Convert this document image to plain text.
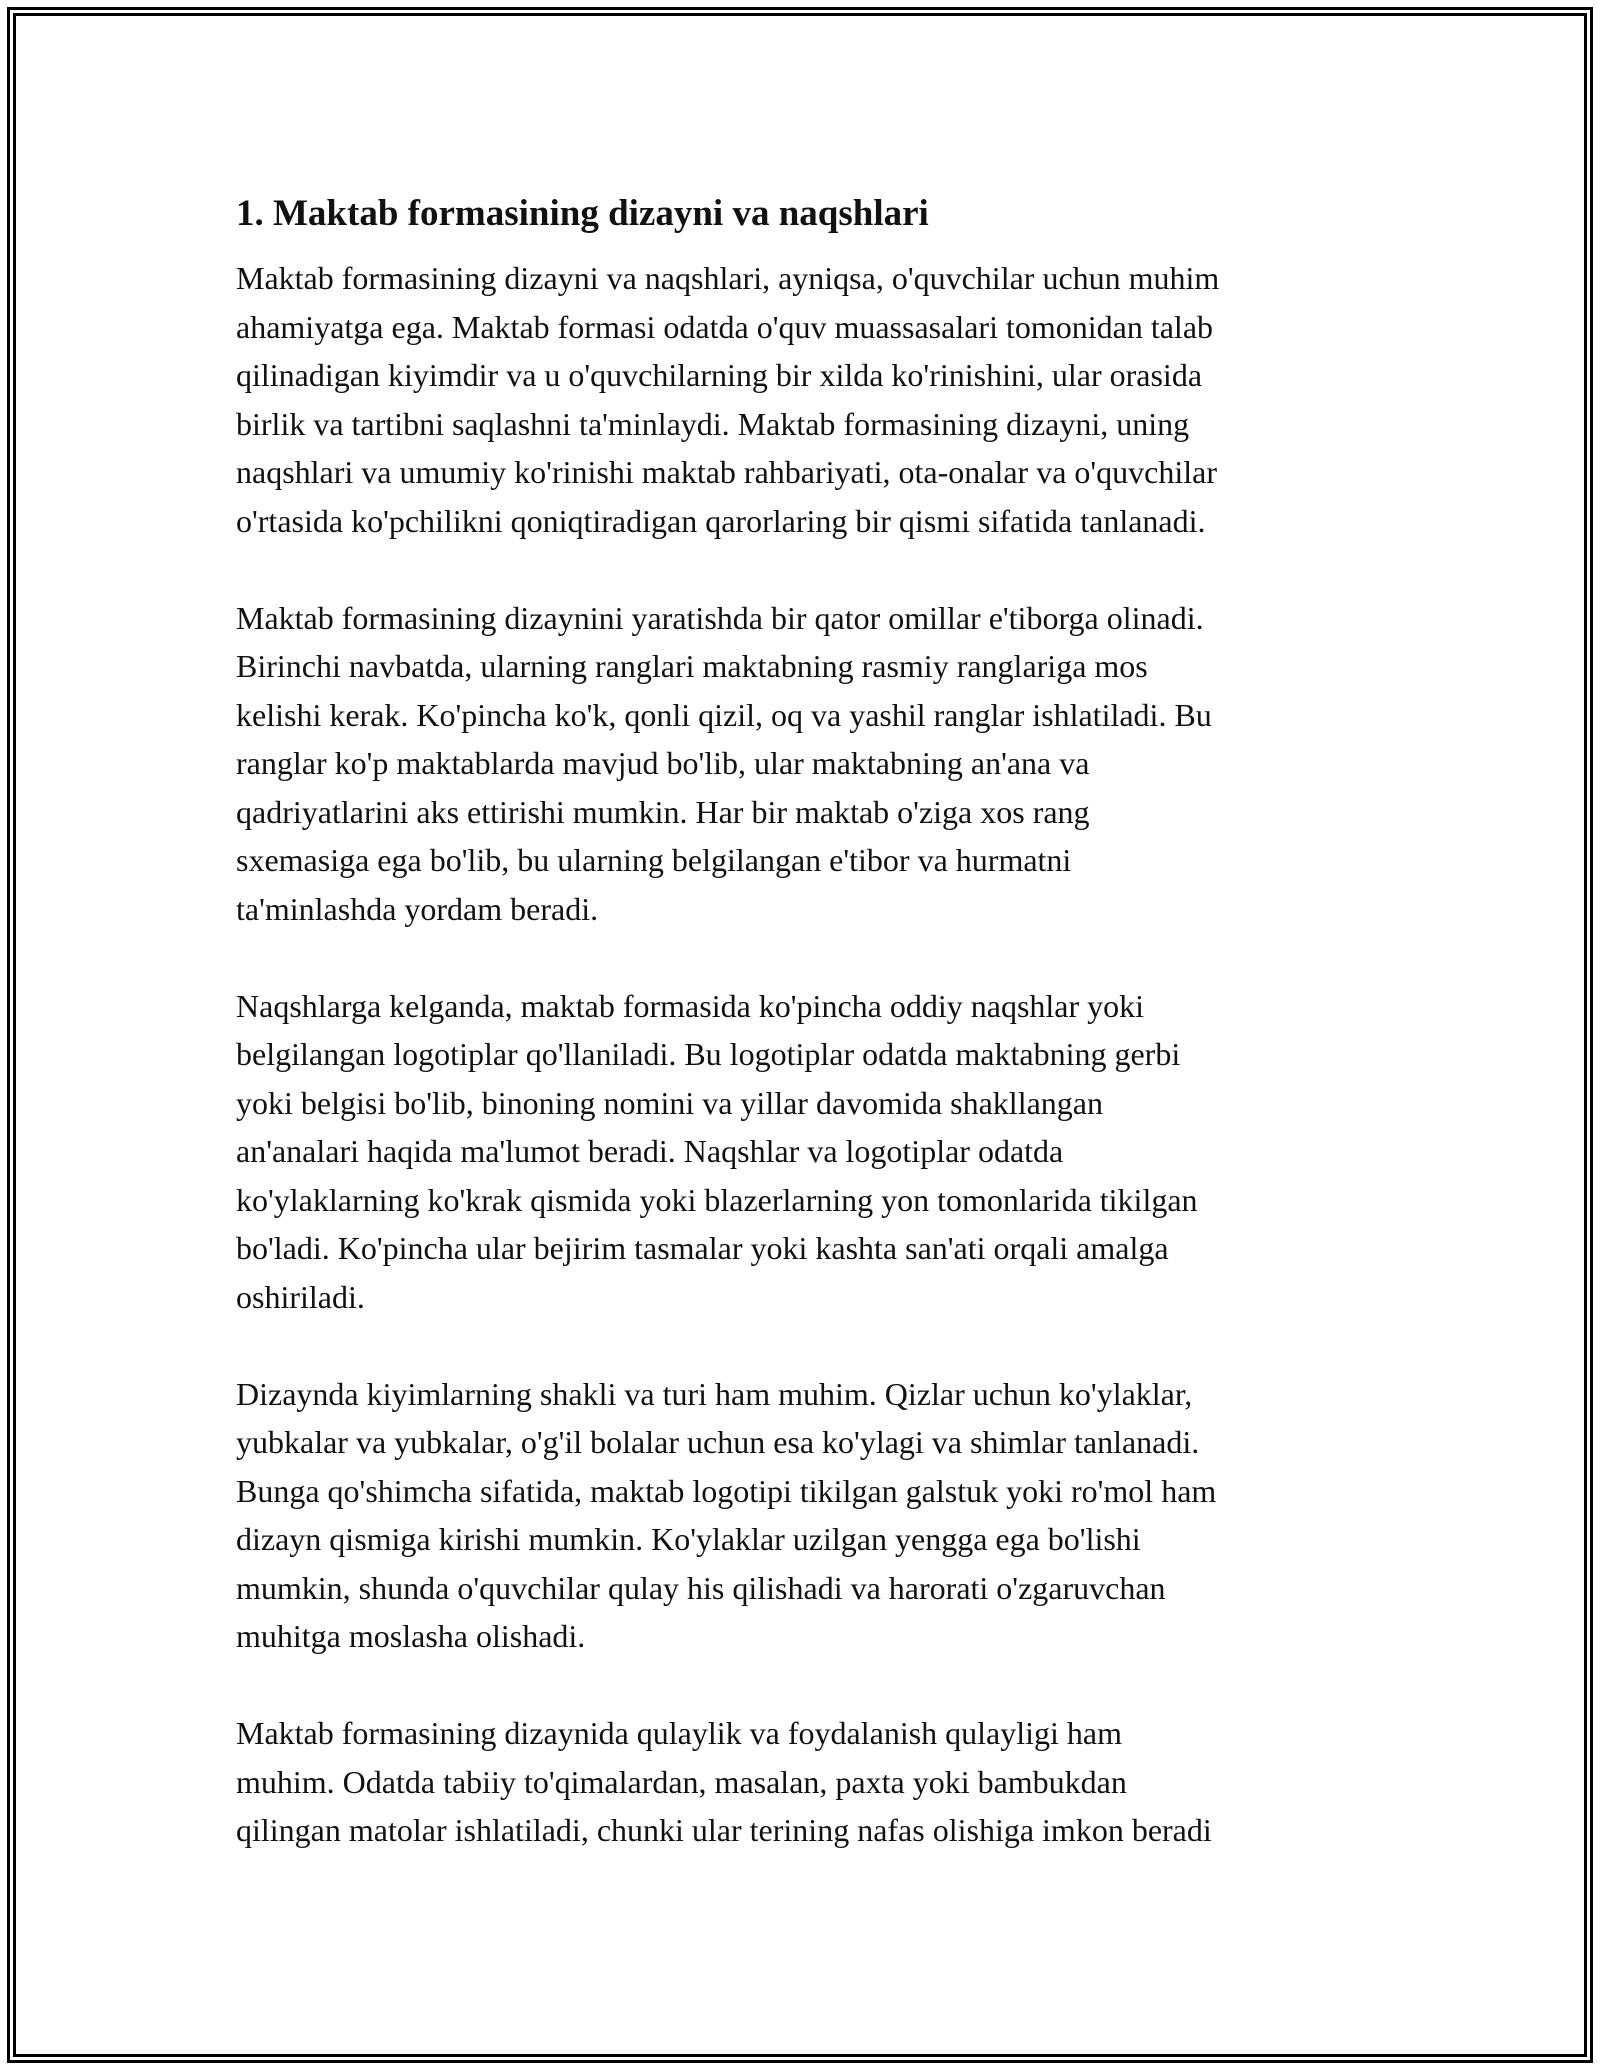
1. Maktab formasining dizayni va naqshlari
Maktab formasining dizayni va naqshlari, ayniqsa, o'quvchilar uchun muhim
ahamiyatga ega. Maktab formasi odatda o'quv muassasalari tomonidan talab
qilinadigan kiyimdir va u o'quvchilarning bir xilda ko'rinishini, ular orasida
birlik va tartibni saqlashni ta'minlaydi. Maktab formasining dizayni, uning
naqshlari va umumiy ko'rinishi maktab rahbariyati, ota-onalar va o'quvchilar
o'rtasida ko'pchilikni qoniqtiradigan qarorlaring bir qismi sifatida tanlanadi.
Maktab formasining dizaynini yaratishda bir qator omillar e'tiborga olinadi.
Birinchi navbatda, ularning ranglari maktabning rasmiy ranglariga mos
kelishi kerak. Ko'pincha ko'k, qonli qizil, oq va yashil ranglar ishlatiladi. Bu
ranglar ko'p maktablarda mavjud bo'lib, ular maktabning an'ana va
qadriyatlarini aks ettirishi mumkin. Har bir maktab o'ziga xos rang
sxemasiga ega bo'lib, bu ularning belgilangan e'tibor va hurmatni
ta'minlashda yordam beradi.
Naqshlarga kelganda, maktab formasida ko'pincha oddiy naqshlar yoki
belgilangan logotiplar qo'llaniladi. Bu logotiplar odatda maktabning gerbi
yoki belgisi bo'lib, binoning nomini va yillar davomida shakllangan
an'analari haqida ma'lumot beradi. Naqshlar va logotiplar odatda
ko'ylaklarning ko'krak qismida yoki blazerlarning yon tomonlarida tikilgan
bo'ladi. Ko'pincha ular bejirim tasmalar yoki kashta san'ati orqali amalga
oshiriladi.
Dizaynda kiyimlarning shakli va turi ham muhim. Qizlar uchun ko'ylaklar,
yubkalar va yubkalar, o'g'il bolalar uchun esa ko'ylagi va shimlar tanlanadi.
Bunga qo'shimcha sifatida, maktab logotipi tikilgan galstuk yoki ro'mol ham
dizayn qismiga kirishi mumkin. Ko'ylaklar uzilgan yengga ega bo'lishi
mumkin, shunda o'quvchilar qulay his qilishadi va harorati o'zgaruvchan
muhitga moslasha olishadi.
Maktab formasining dizaynida qulaylik va foydalanish qulayligi ham
muhim. Odatda tabiiy to'qimalardan, masalan, paxta yoki bambukdan
qilingan matolar ishlatiladi, chunki ular terining nafas olishiga imkon beradi
